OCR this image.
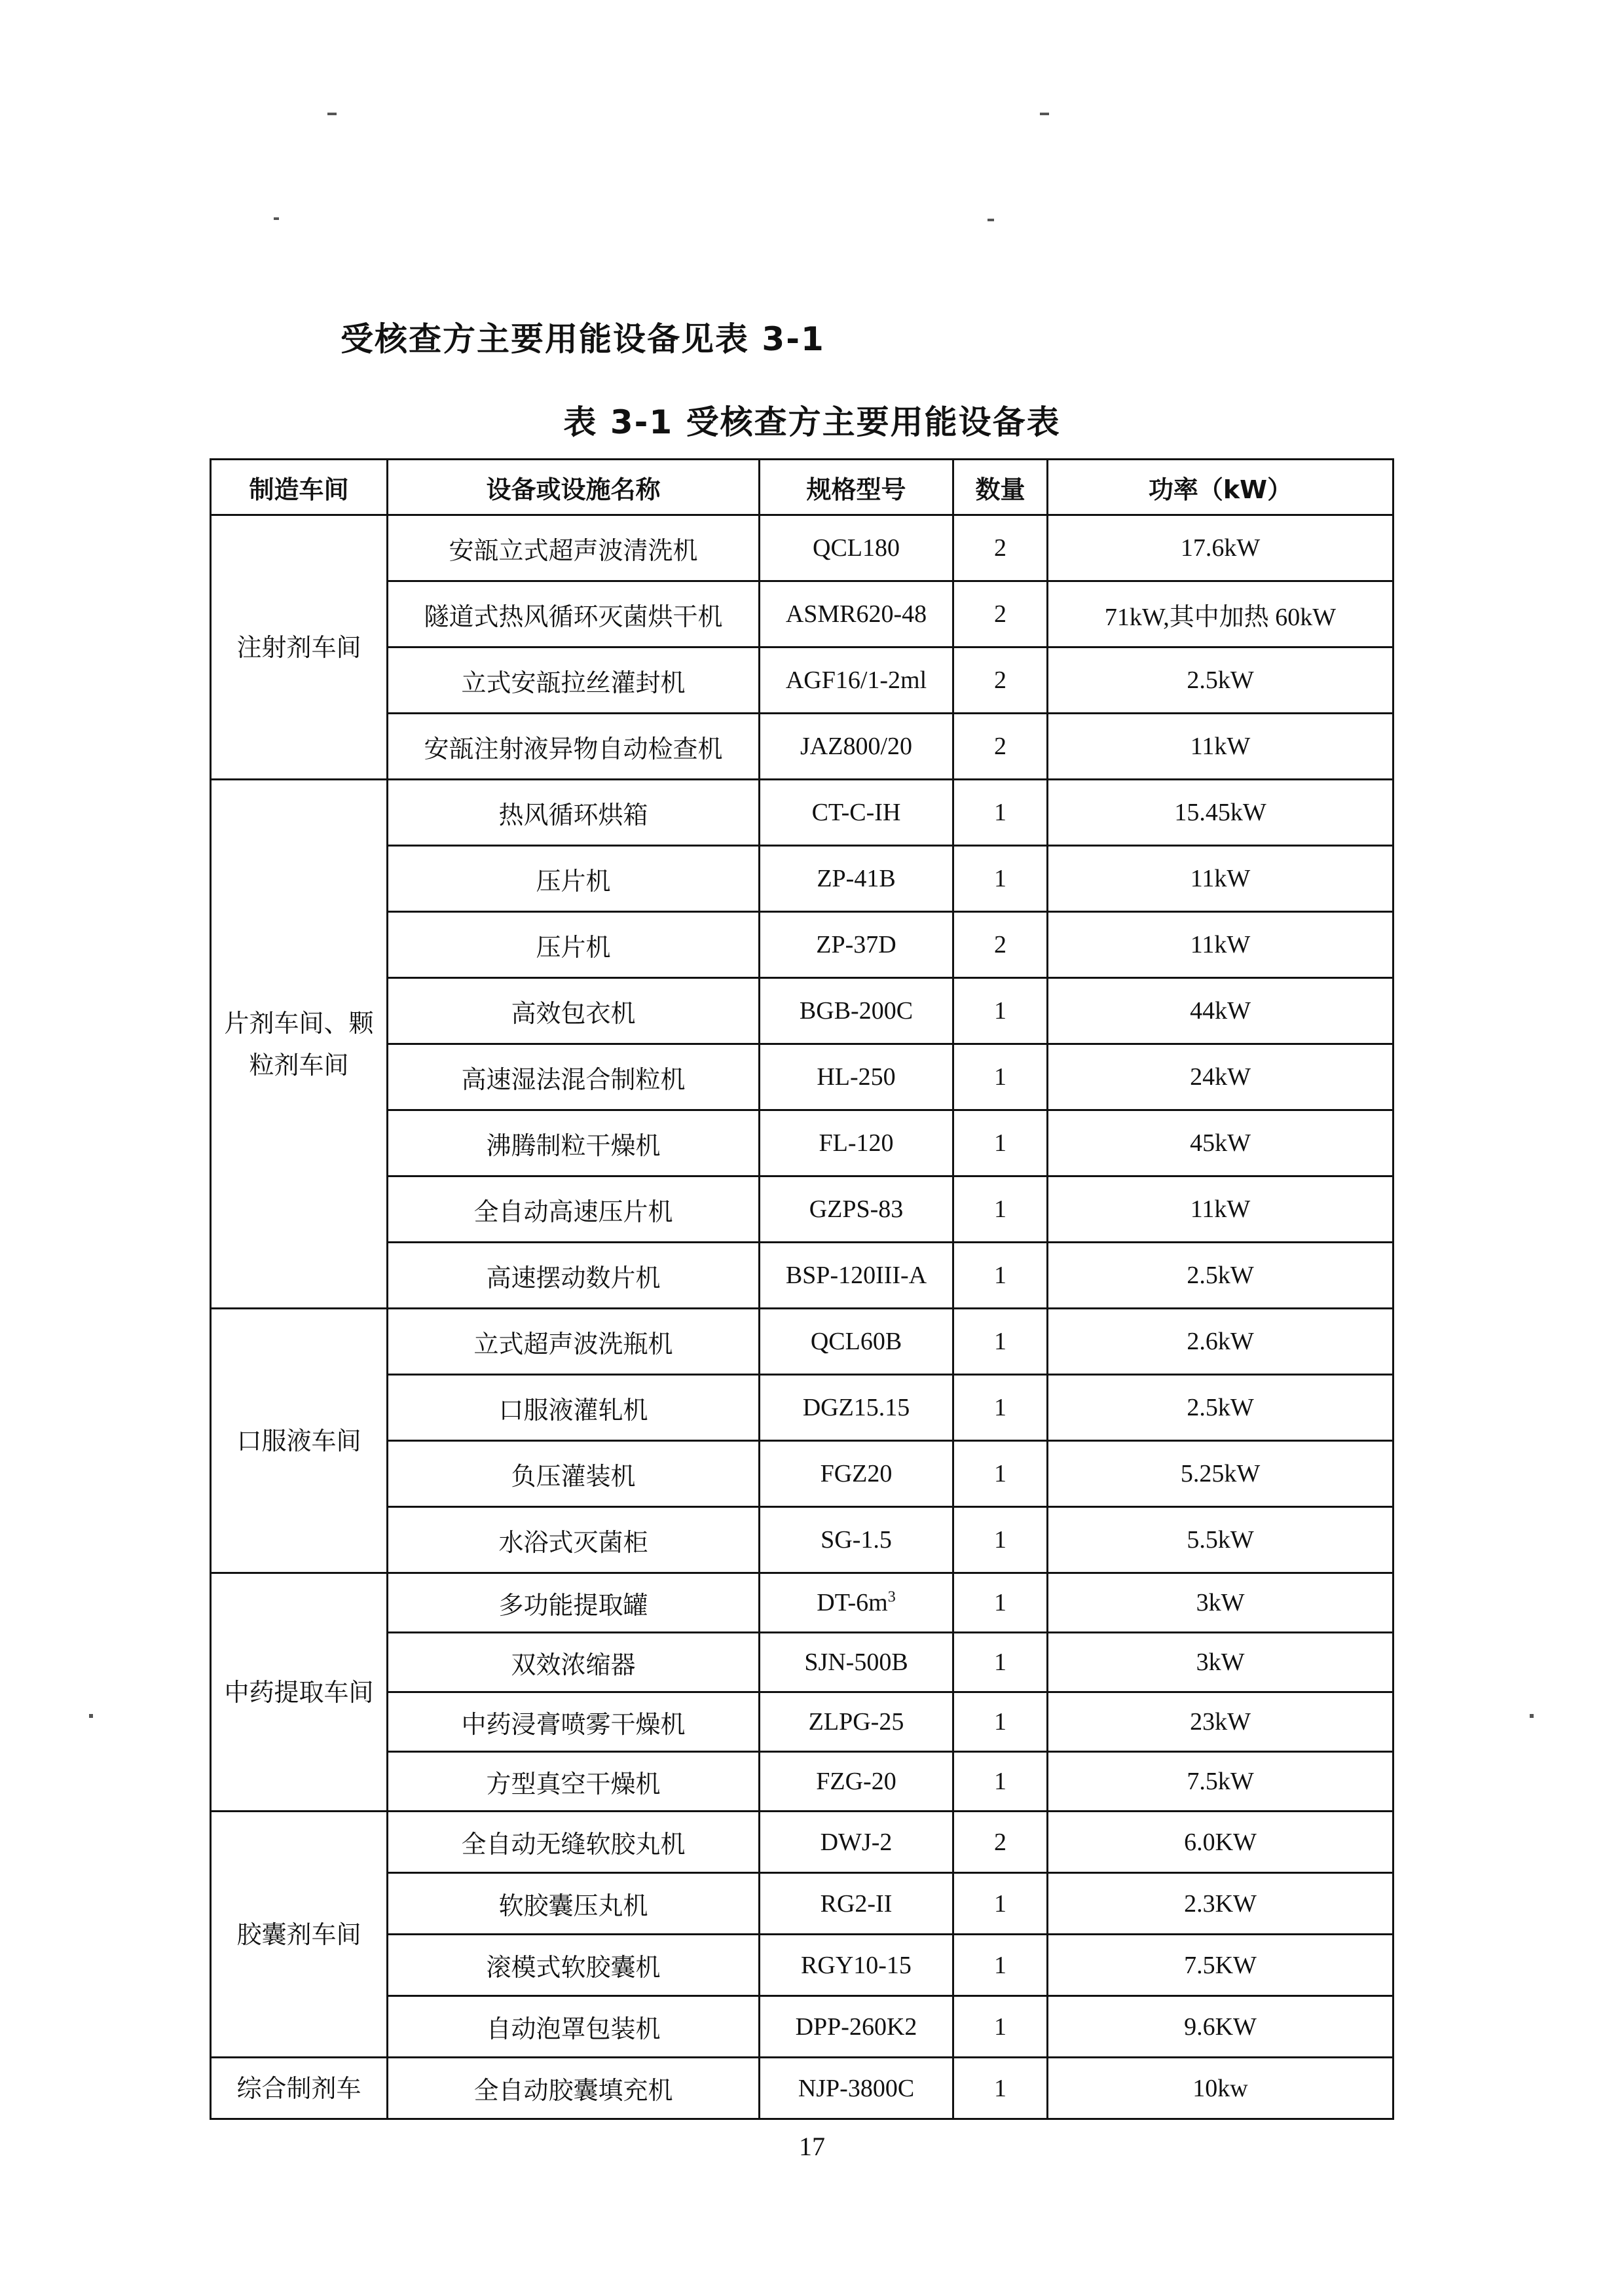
受核查方主要用能设备见表 3-1
表 3-1 受核查方主要用能设备表
制造车间	设备或设施名称	规格型号	数量	功率（kW）
注射剂车间	安瓿立式超声波清洗机	QCL180	2	17.6kW
	隧道式热风循环灭菌烘干机	ASMR620-48	2	71kW,其中加热 60kW
	立式安瓿拉丝灌封机	AGF16/1-2ml	2	2.5kW
	安瓿注射液异物自动检查机	JAZ800/20	2	11kW
片剂车间、颗粒剂车间	热风循环烘箱	CT-C-IH	1	15.45kW
	压片机	ZP-41B	1	11kW
	压片机	ZP-37D	2	11kW
	高效包衣机	BGB-200C	1	44kW
	高速湿法混合制粒机	HL-250	1	24kW
	沸腾制粒干燥机	FL-120	1	45kW
	全自动高速压片机	GZPS-83	1	11kW
	高速摆动数片机	BSP-120III-A	1	2.5kW
口服液车间	立式超声波洗瓶机	QCL60B	1	2.6kW
	口服液灌轧机	DGZ15.15	1	2.5kW
	负压灌装机	FGZ20	1	5.25kW
	水浴式灭菌柜	SG-1.5	1	5.5kW
中药提取车间	多功能提取罐	$DT-6m^3$	1	3kW
	双效浓缩器	SJN-500B	1	3kW
	中药浸膏喷雾干燥机	ZLPG-25	1	23kW
	方型真空干燥机	FZG-20	1	7.5kW
胶囊剂车间	全自动无缝软胶丸机	DWJ-2	2	6.0KW
	软胶囊压丸机	RG2-II	1	2.3KW
	滚模式软胶囊机	RGY10-15	1	7.5KW
	自动泡罩包装机	DPP-260K2	1	9.6KW
综合制剂车	全自动胶囊填充机	NJP-3800C	1	10kw
17
